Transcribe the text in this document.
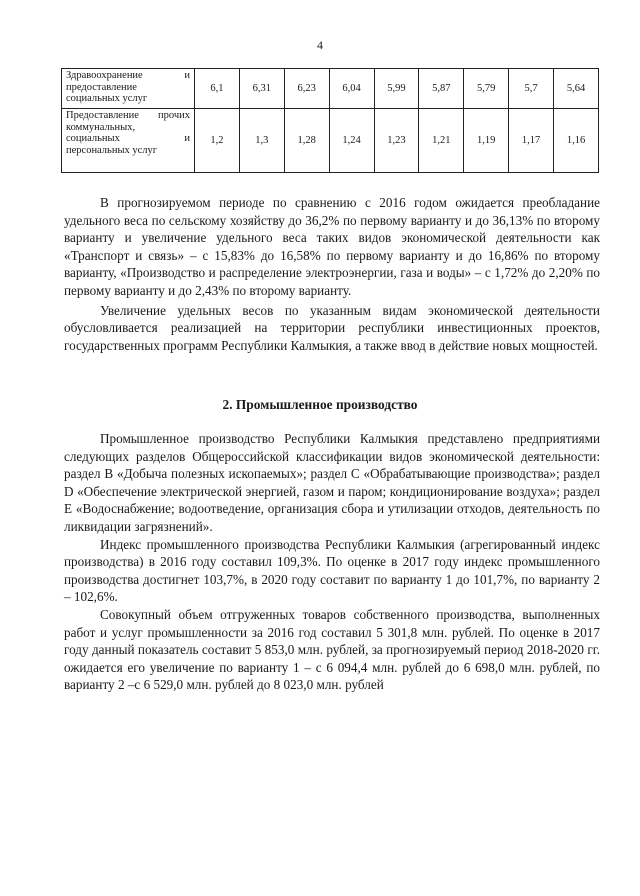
4
Здравоохранение и предоставление социальных услуг	6,1	6,31	6,23	6,04	5,99	5,87	5,79	5,7	5,64
Предоставление прочих коммунальных, социальных и персональных услуг	1,2	1,3	1,28	1,24	1,23	1,21	1,19	1,17	1,16

В прогнозируемом периоде по сравнению с 2016 годом ожидается преобладание удельного веса по сельскому хозяйству до 36,2% по первому варианту и до 36,13% по второму варианту и увеличение удельного веса таких видов экономической деятельности как «Транспорт и связь» – с 15,83% до 16,58% по первому варианту и до 16,86% по второму варианту, «Производство и распределение электроэнергии, газа и воды» – с 1,72% до 2,20% по первому варианту и до 2,43% по второму варианту.

Увеличение удельных весов по указанным видам экономической деятельности обусловливается реализацией на территории республики инвестиционных проектов, государственных программ Республики Калмыкия, а также ввод в действие новых мощностей.

2. Промышленное производство

Промышленное производство Республики Калмыкия представлено предприятиями следующих разделов Общероссийской классификации видов экономической деятельности: раздел B «Добыча полезных ископаемых»; раздел C «Обрабатывающие производства»; раздел D «Обеспечение электрической энергией, газом и паром; кондиционирование воздуха»; раздел E «Водоснабжение; водоотведение, организация сбора и утилизации отходов, деятельность по ликвидации загрязнений».

Индекс промышленного производства Республики Калмыкия (агрегированный индекс производства) в 2016 году составил 109,3%. По оценке в 2017 году индекс промышленного производства достигнет 103,7%, в 2020 году составит по варианту 1 до 101,7%, по варианту 2 – 102,6%.

Совокупный объем отгруженных товаров собственного производства, выполненных работ и услуг промышленности за 2016 год составил 5 301,8 млн. рублей. По оценке в 2017 году данный показатель составит 5 853,0 млн. рублей, за прогнозируемый период 2018-2020 гг. ожидается его увеличение по варианту 1 – с 6 094,4 млн. рублей до 6 698,0 млн. рублей, по варианту 2 –с 6 529,0 млн. рублей до 8 023,0 млн. рублей
